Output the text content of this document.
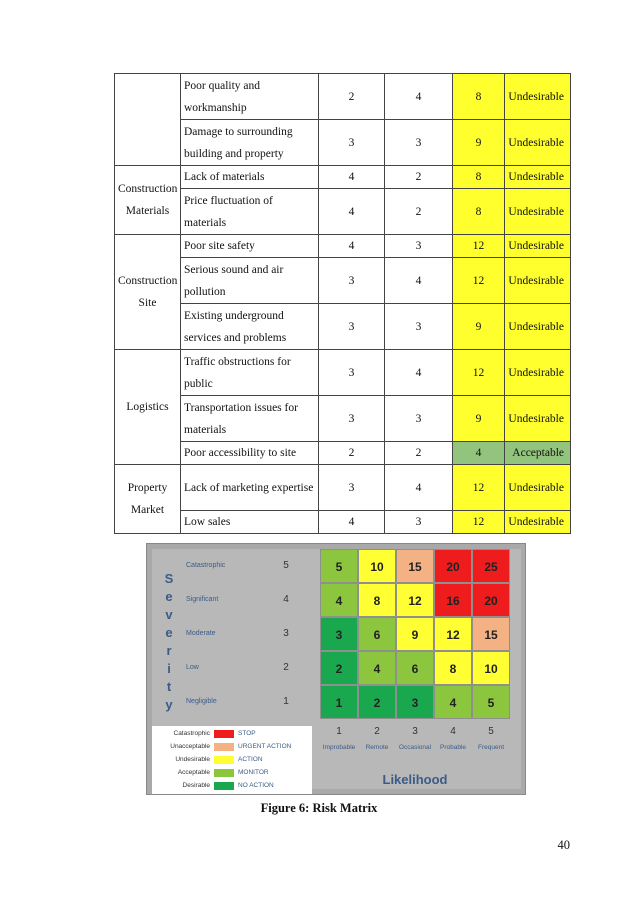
	Poor quality and workmanship	2	4	8	Undesirable
	Damage to surrounding building and property	3	3	9	Undesirable
Construction Materials	Lack of materials	4	2	8	Undesirable
	Price fluctuation of materials	4	2	8	Undesirable
Construction Site	Poor site safety	4	3	12	Undesirable
	Serious sound and air pollution	3	4	12	Undesirable
	Existing underground services and problems	3	3	9	Undesirable
Logistics	Traffic obstructions for public	3	4	12	Undesirable
	Transportation issues for materials	3	3	9	Undesirable
	Poor accessibility to site	2	2	4	Acceptable
Property Market	Lack of marketing expertise	3	4	12	Undesirable
	Low sales	4	3	12	Undesirable
S
e
v
e
r
i
t
y
Catastrophic	5
Significant	4
Moderate	3
Low	2
Negligible	1
5	10	15	20	25
4	8	12	16	20
3	6	9	12	15
2	4	6	8	10
1	2	3	4	5
1
Improbable
2
Remote
3
Occasional
4
Probable
5
Frequent
Likelihood
Catastrophic	STOP
Unacceptable	URGENT ACTION
Undesirable	ACTION
Acceptable	MONITOR
Desirable	NO ACTION
Figure 6: Risk Matrix
40
